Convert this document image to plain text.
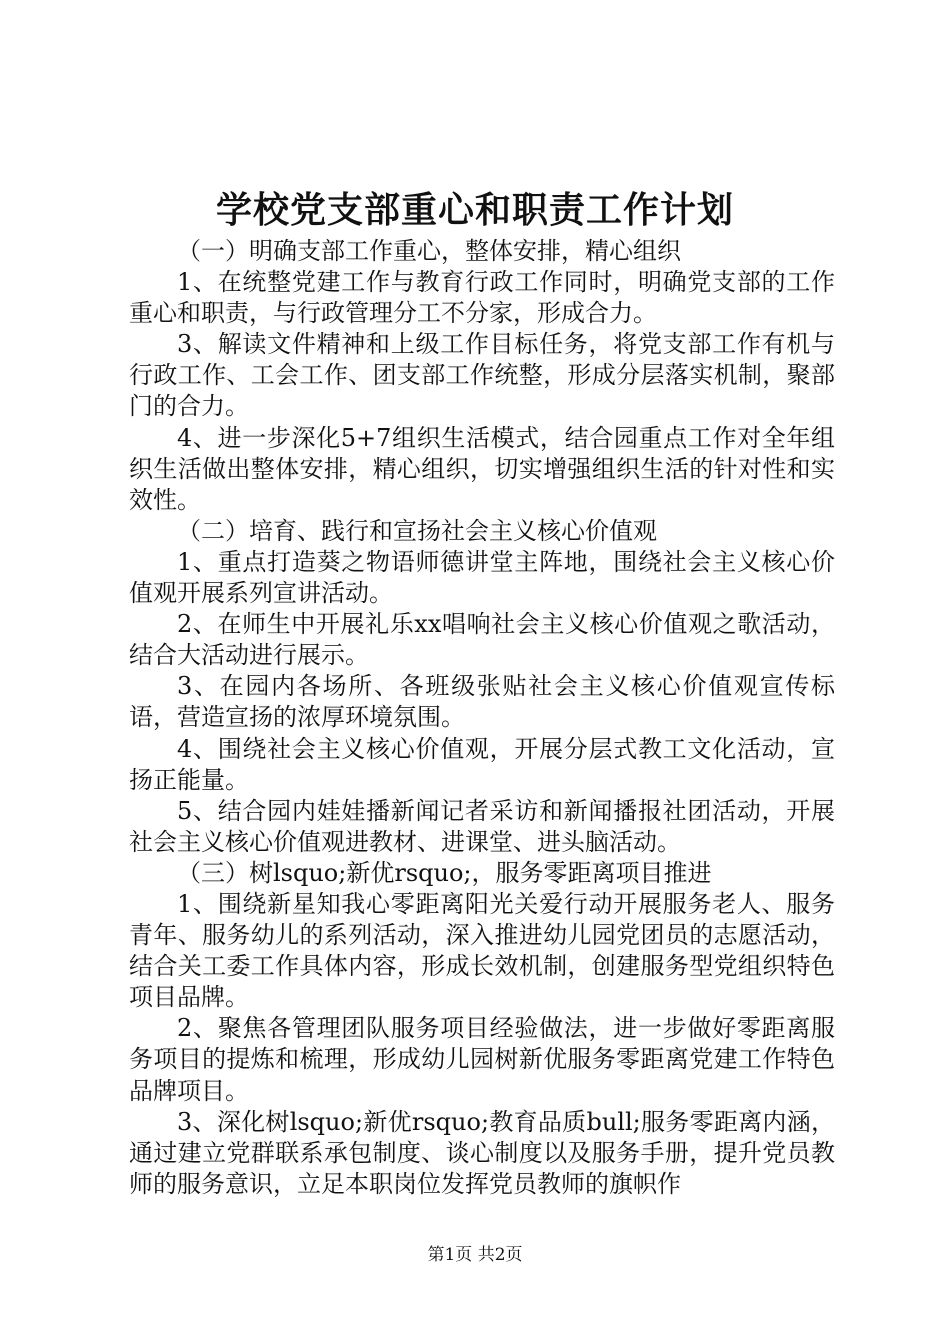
学校党支部重心和职责工作计划

（一）明确支部工作重心，整体安排，精心组织

1、在统整党建工作与教育行政工作同时，明确党支部的工作重心和职责，与行政管理分工不分家，形成合力。

3、解读文件精神和上级工作目标任务，将党支部工作有机与行政工作、工会工作、团支部工作统整，形成分层落实机制，聚部门的合力。

4、进一步深化5+7组织生活模式，结合园重点工作对全年组织生活做出整体安排，精心组织，切实增强组织生活的针对性和实效性。

（二）培育、践行和宣扬社会主义核心价值观

1、重点打造葵之物语师德讲堂主阵地，围绕社会主义核心价值观开展系列宣讲活动。

2、在师生中开展礼乐xx唱响社会主义核心价值观之歌活动，结合大活动进行展示。

3、在园内各场所、各班级张贴社会主义核心价值观宣传标语，营造宣扬的浓厚环境氛围。

4、围绕社会主义核心价值观，开展分层式教工文化活动，宣扬正能量。

5、结合园内娃娃播新闻记者采访和新闻播报社团活动，开展社会主义核心价值观进教材、进课堂、进头脑活动。

（三）树lsquo;新优rsquo;，服务零距离项目推进

1、围绕新星知我心零距离阳光关爱行动开展服务老人、服务青年、服务幼儿的系列活动，深入推进幼儿园党团员的志愿活动，结合关工委工作具体内容，形成长效机制，创建服务型党组织特色项目品牌。

2、聚焦各管理团队服务项目经验做法，进一步做好零距离服务项目的提炼和梳理，形成幼儿园树新优服务零距离党建工作特色品牌项目。

3、深化树lsquo;新优rsquo;教育品质bull;服务零距离内涵，通过建立党群联系承包制度、谈心制度以及服务手册，提升党员教师的服务意识，立足本职岗位发挥党员教师的旗帜作

第1页 共2页
